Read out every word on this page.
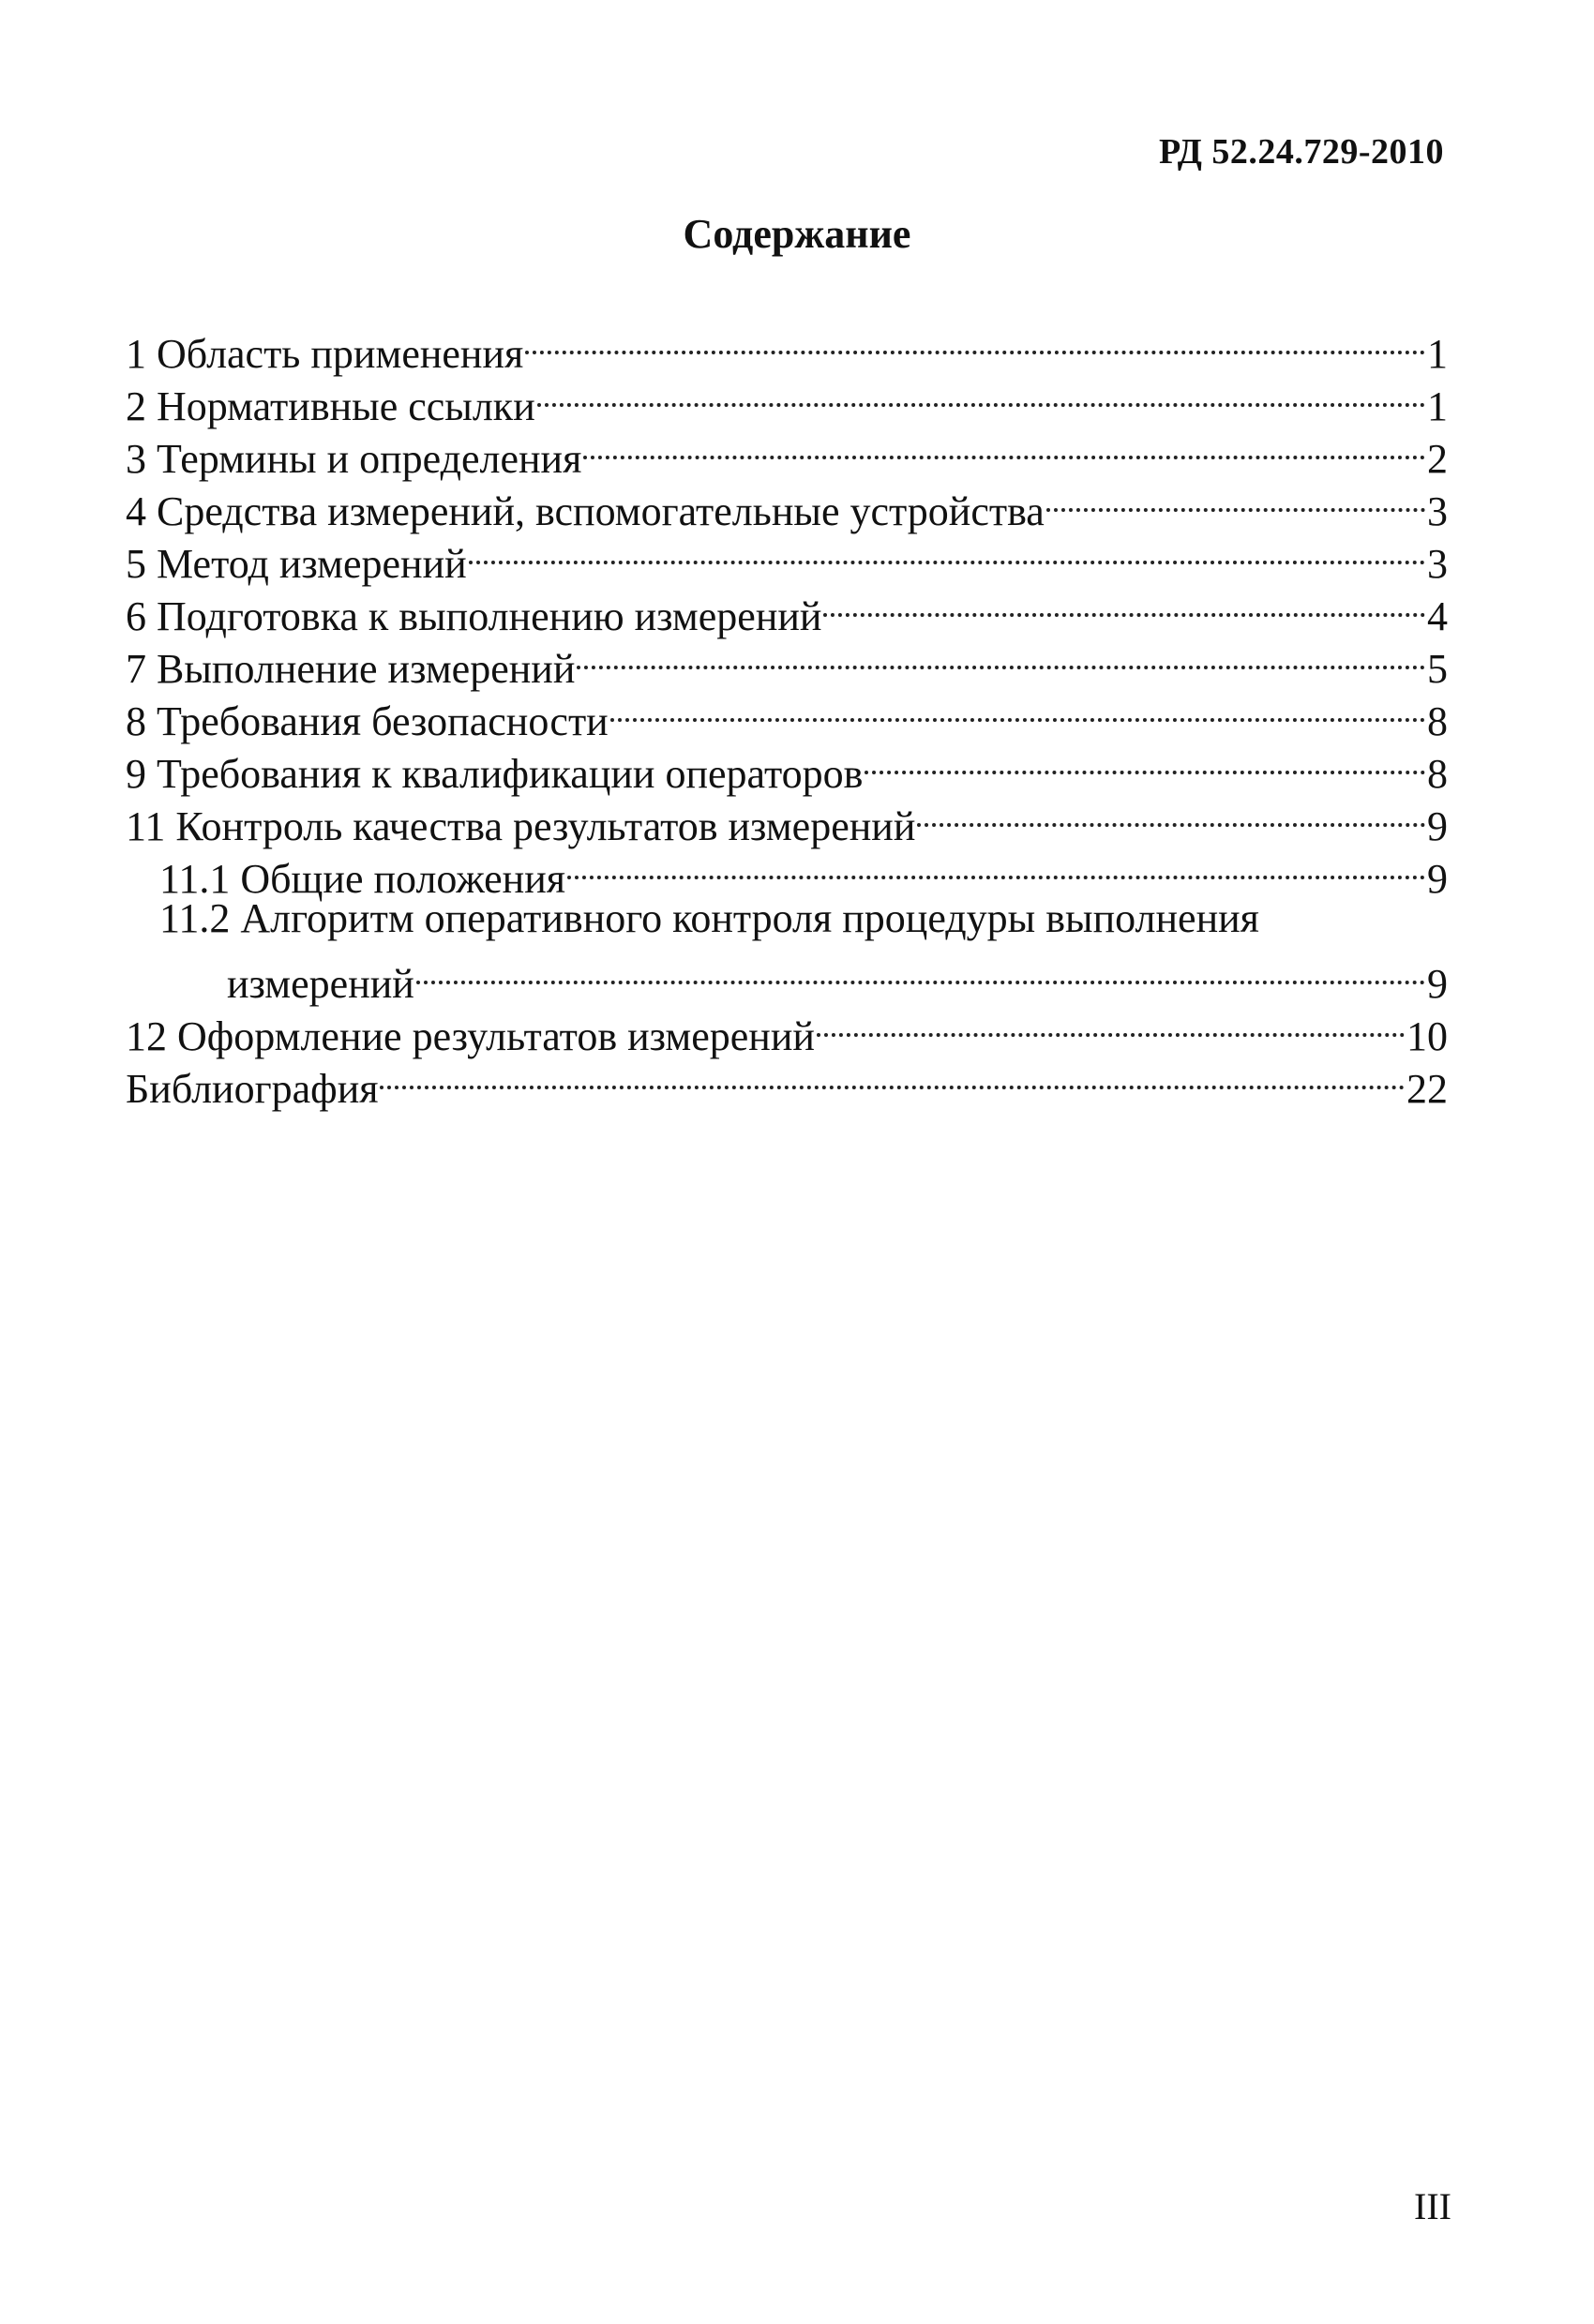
РД 52.24.729-2010
Содержание
1 Область применения	1
2 Нормативные ссылки	1
3 Термины и определения	2
4 Средства измерений, вспомогательные устройства	3
5 Метод измерений	3
6 Подготовка к выполнению измерений	4
7 Выполнение измерений	5
8 Требования безопасности	8
9 Требования к квалификации операторов	8
11 Контроль качества результатов измерений	9
11.1 Общие положения	9
11.2 Алгоритм оперативного контроля процедуры выполнения
измерений	9
12 Оформление результатов измерений	10
Библиография	22
III
